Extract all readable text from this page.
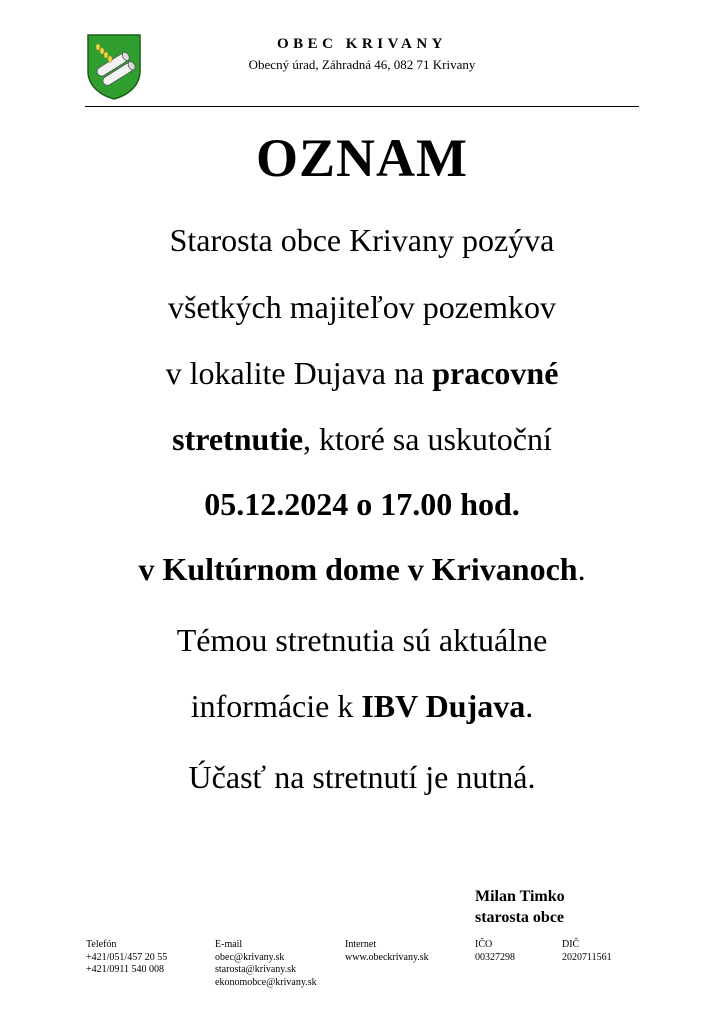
OBEC KRIVANY
Obecný úrad, Záhradná 46, 082 71 Krivany
OZNAM
Starosta obce Krivany pozýva
všetkých majiteľov pozemkov
v lokalite Dujava na pracovné
stretnutie, ktoré sa uskutoční
05.12.2024 o 17.00 hod.
v Kultúrnom dome v Krivanoch.
Témou stretnutia sú aktuálne
informácie k IBV Dujava.
Účasť na stretnutí je nutná.
Milan Timko
starosta obce
Telefón
+421/051/457 20 55
+421/0911 540 008
E-mail
obec@krivany.sk
starosta@krivany.sk
ekonomobce@krivany.sk
Internet
www.obeckrivany.sk
IČO
00327298
DIČ
2020711561
